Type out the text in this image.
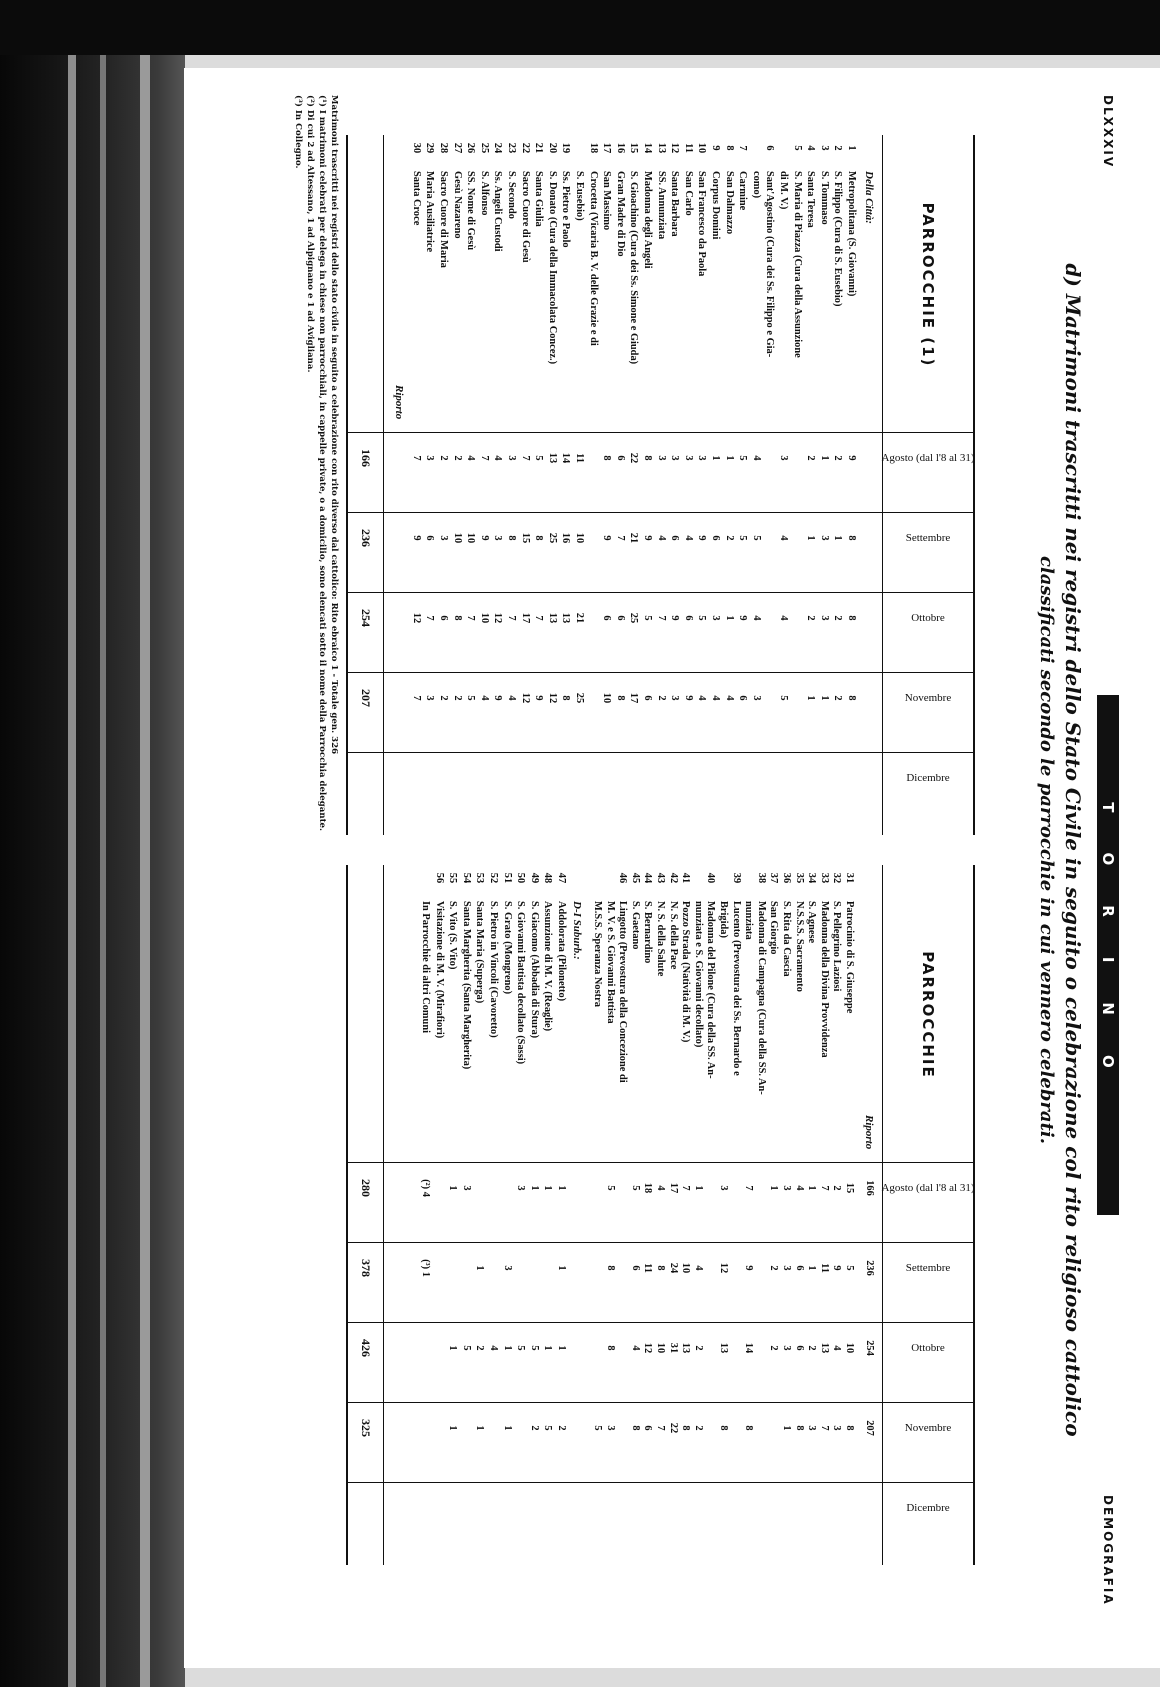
DLXXXIV
TORINO
DEMOGRAFIA
d) Matrimoni trascritti nei registri dello Stato Civile in seguito o celebrazione col rito religioso cattolico
classificati secondo le parrocchie in cui vennero celebrati.
PARROCCHIE (1)
Agosto (dal l'8 al 31)
Settembre
Ottobre
Novembre
Dicembre
Della Città:
Riporto
1
Metropolitana (S. Giovanni)
9
8
8
8
2
S. Filippo (Cura di S. Eusebio)
2
1
2
2
3
S. Tommaso
1
3
3
1
4
Santa Teresa
2
1
2
1
5
S. Maria di Piazza (Cura della Assunzione
di M. V.)
3
4
4
5
6
Sant'Agostino (Cura dei Ss. Filippo e Gia-
como)
4
5
4
3
7
Carmine
5
5
9
6
8
San Dalmazzo
1
2
1
4
9
Corpus Domini
1
6
3
4
10
San Francesco da Paola
3
9
5
4
11
San Carlo
3
4
6
9
12
Santa Barbara
3
6
9
3
13
SS. Annunziata
3
4
7
2
14
Madonna degli Angeli
8
9
5
6
15
S. Gioachino (Cura dei Ss. Simone e Giuda)
22
21
25
17
16
Gran Madre di Dio
6
7
6
8
17
San Massimo
8
9
6
10
18
Crocetta (Vicaria B. V. delle Grazie e di
S. Eusebio)
11
10
21
25
19
Ss. Pietro e Paolo
14
16
13
8
20
S. Donato (Cura della Immacolata Concez.)
13
25
13
12
21
Santa Giulia
5
8
7
9
22
Sacro Cuore di Gesù
7
15
17
12
23
S. Secondo
3
8
7
4
24
Ss. Angeli Custodi
4
3
12
9
25
S. Alfonso
7
9
10
4
26
SS. Nome di Gesù
4
10
7
5
27
Gesù Nazareno
2
10
8
2
28
Sacro Cuore di Maria
2
3
6
2
29
Maria Ausiliatrice
3
6
7
3
30
Santa Croce
7
9
12
7
166
236
254
207
PARROCCHIE
Agosto (dal l'8 al 31)
Settembre
Ottobre
Novembre
Dicembre
Riporto
D-I Suburb.:
166
236
254
207
31
Patrocinio di S. Giuseppe
15
5
10
8
32
S. Pellegrino Laziosi
2
9
4
3
33
Madonna della Divina Provvidenza
7
11
13
7
34
S. Agnese
1
1
2
3
35
N.S.S.S. Sacramento
4
6
6
8
36
S. Rita da Cascia
3
3
3
1
37
San Giorgio
1
2
2
38
Madonna di Campagna (Cura della SS. An-
nunziata
7
9
14
8
39
Lucento (Prevostura dei Ss. Bernardo e
Brigida)
3
12
13
8
40
Madonna del Pilone (Cura della SS. An-
nunziata e S. Giovanni decollato)
1
4
2
2
41
Pozzo Strada (Natività di M. V.)
7
10
13
8
42
N. S. della Pace
17
24
31
22
43
N. S. della Salute
4
8
10
7
44
S. Bernardino
18
11
12
6
45
S. Gaetano
5
6
4
8
46
Lingotto (Prevostura della Concezione di
M. V. e S. Giovanni Battista
5
8
8
3
M.S.S. Speranza Nostra
5
47
Addolorata (Pilonetto)
1
1
1
2
48
Assunzione di M. V. (Reaglie)
1
1
5
49
S. Giacomo (Abbadia di Stura)
1
5
2
50
S. Giovanni Battista decollato (Sassi)
3
5
51
S. Grato (Mongreno)
3
1
1
52
S. Pietro in Vincoli (Cavoretto)
4
53
Santa Maria (Superga)
1
2
1
54
Santa Margherita (Santa Margherita)
3
5
55
S. Vito (S. Vito)
1
1
1
56
Visitazione di M. V. (Mirafiori)
In Parrocchie di altri Comuni
(²) 4
(³) 1
280
378
426
325
Matrimoni trascritti nei registri dello stato civile in seguito a celebrazione con rito diverso dal cattolico: Rito ebraico 1 - Totale gen. 326
(¹) I matrimoni celebrati per delega in chiese non parrocchiali, in cappelle private, o a domicilio, sono elencati sotto il nome della Parrocchia delegante.
(²) Di cui 2 ad Altessano, 1 ad Alpignano e 1 ad Avigliana.
(³) In Collegno.
